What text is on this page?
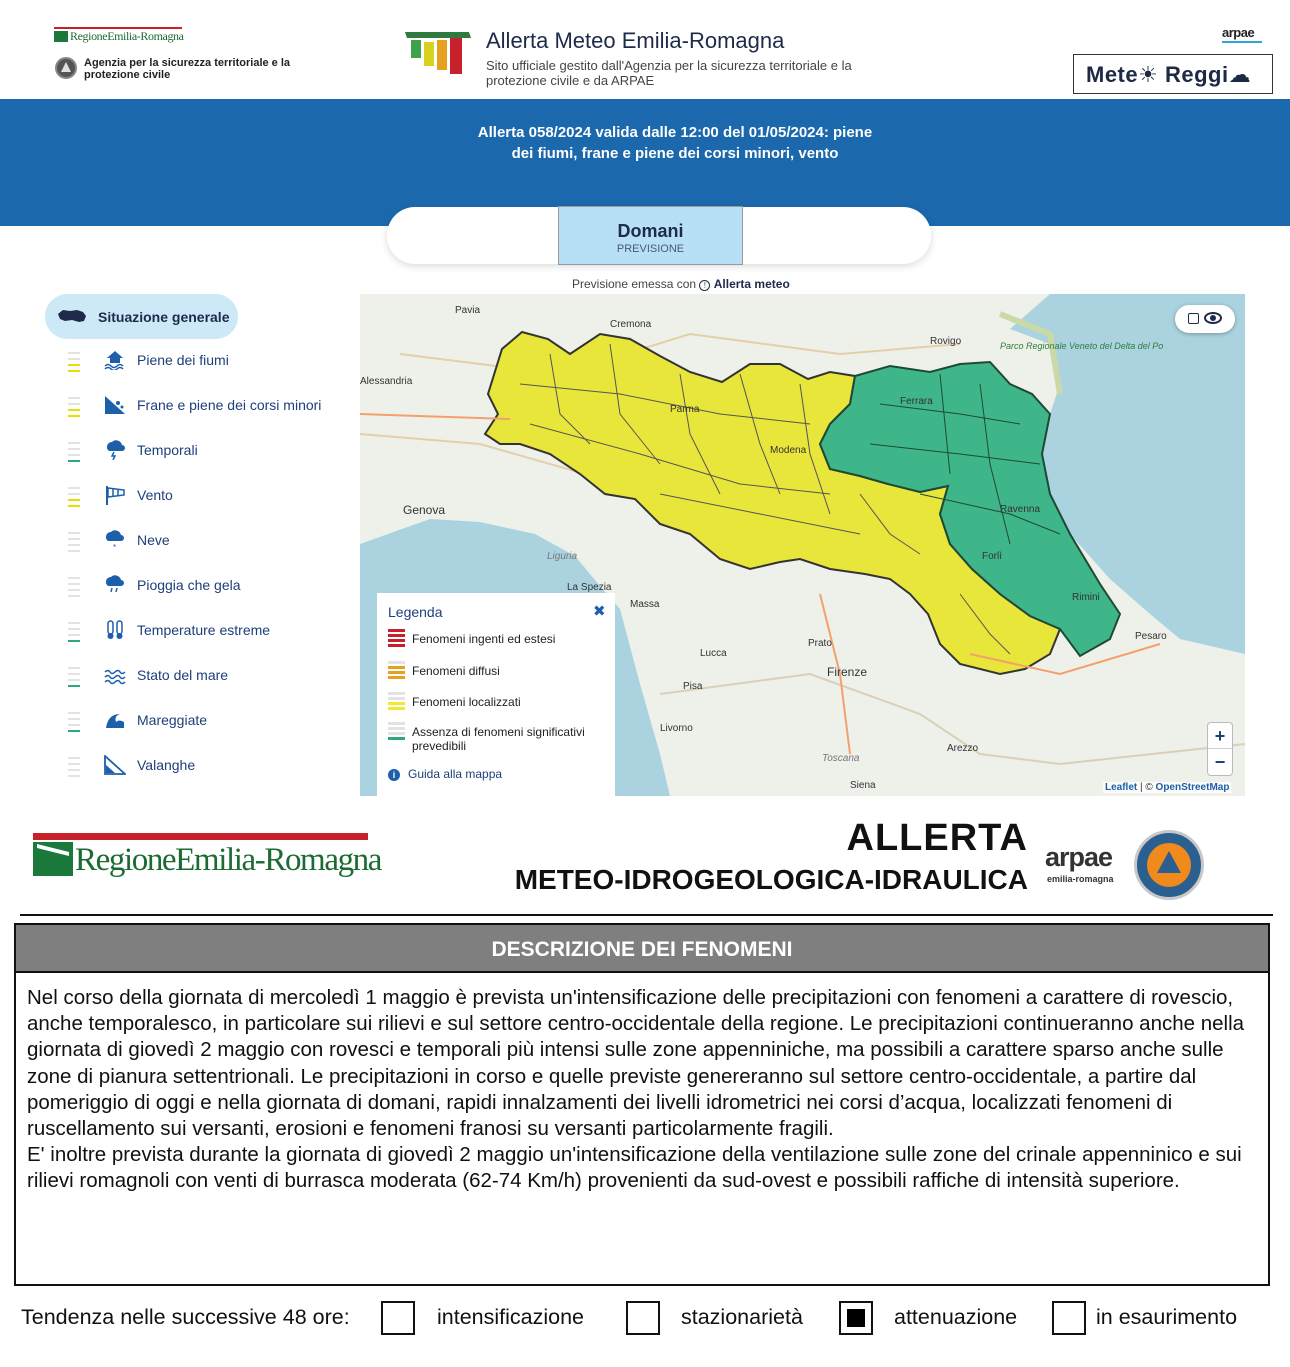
RegioneEmilia-Romagna
Agenzia per la sicurezza territoriale e la protezione civile
Allerta Meteo Emilia-Romagna
Sito ufficiale gestito dall'Agenzia per la sicurezza territoriale e la protezione civile e da ARPAE
arpae
Mete☀ Reggi☁
Allerta 058/2024 valida dalle 12:00 del 01/05/2024: piene dei fiumi, frane e piene dei corsi minori, vento
Domani
PREVISIONE
Previsione emessa con ! Allerta meteo
Situazione generale
Piene dei fiumi
Frane e piene dei corsi minori
Temporali
Vento
* Neve
Pioggia che gela
Temperature estreme
Stato del mare
Mareggiate
Valanghe
Pavia
Cremona
Rovigo	Parco Regionale Veneto del Delta del Po
Alessandria
Ferrara
Parma
Modena
Genova	Ravenna
Liguria
La Spezia
Forlì
Massa
Rimini
Pesaro
Prato
Lucca
Firenze
Pisa
Livorno
Arezzo
Toscana
Siena
+
−
Leaflet | © OpenStreetMap
Legenda	✖
Fenomeni ingenti ed estesi
Fenomeni diffusi
Fenomeni localizzati
Assenza di fenomeni significativi prevedibili
i Guida alla mappa
RegioneEmilia-Romagna
ALLERTA
METEO-IDROGEOLOGICA-IDRAULICA
arpae
emilia-romagna
DESCRIZIONE DEI FENOMENI

Nel corso della giornata di mercoledì 1 maggio è prevista un'intensificazione delle precipitazioni con fenomeni a carattere di rovescio, anche temporalesco, in particolare sui rilievi e sul settore centro-occidentale della regione. Le precipitazioni continueranno anche nella giornata di giovedì 2 maggio con rovesci e temporali più intensi sulle zone appenniniche, ma possibili a carattere sparso anche sulle zone di pianura settentrionali. Le precipitazioni in corso e quelle previste genereranno sul settore centro-occidentale, a partire dal pomeriggio di oggi e nella giornata di domani, rapidi innalzamenti dei livelli idrometrici nei corsi d’acqua, localizzati fenomeni di ruscellamento sui versanti, erosioni e fenomeni franosi su versanti particolarmente fragili.

E' inoltre prevista durante la giornata di giovedì 2 maggio un'intensificazione della ventilazione sulle zone del crinale appenninico e sui rilievi romagnoli con venti di burrasca moderata (62-74 Km/h) provenienti da sud-ovest e possibili raffiche di intensità superiore.

Tendenza nelle successive 48 ore:	intensificazione	stazionarietà	attenuazione	in esaurimento
